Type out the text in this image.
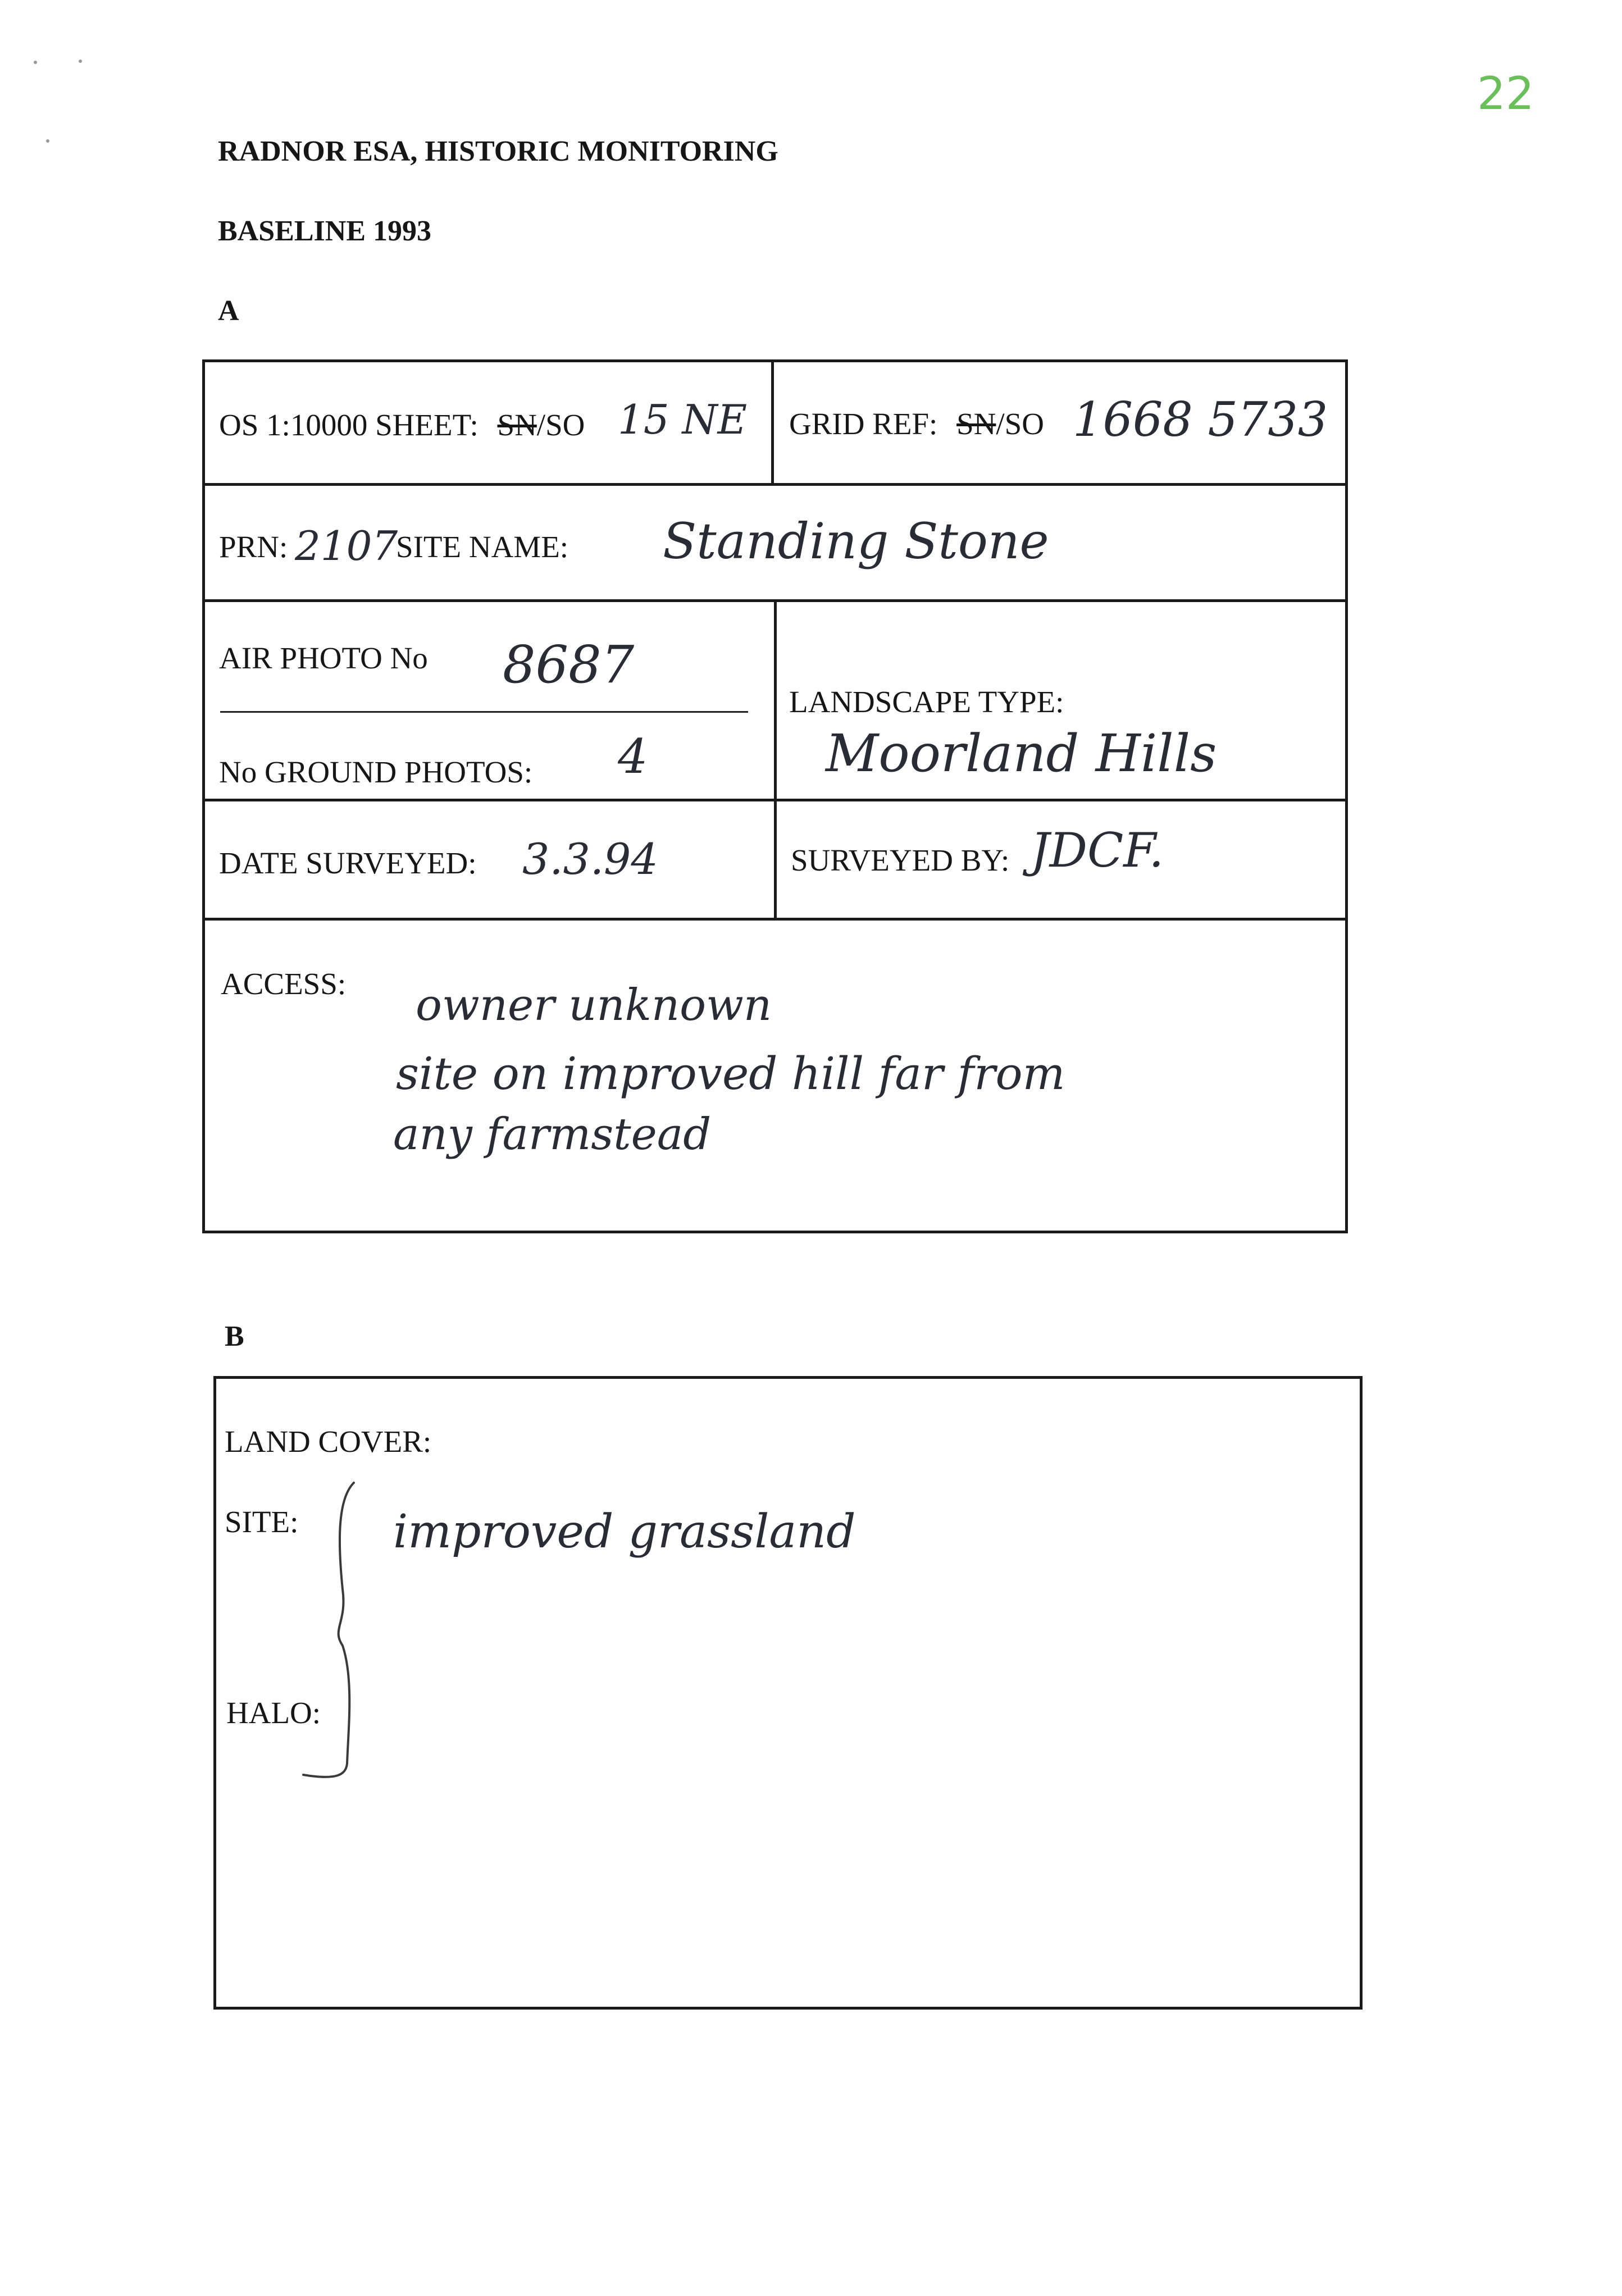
22
RADNOR ESA, HISTORIC MONITORING
BASELINE 1993
A
OS 1:10000 SHEET: SN/SO 15 NE GRID REF: SN/SO 1668 5733
PRN: 2107
SITE NAME: Standing Stone
AIR PHOTO No 8687
No GROUND PHOTOS: 4
LANDSCAPE TYPE:
Moorland Hills
DATE SURVEYED: 3.3.94	SURVEYED BY: JDCF.
ACCESS: owner unknown
site on improved hill far from
any farmstead
B
LAND COVER:
SITE: improved grassland
HALO:
